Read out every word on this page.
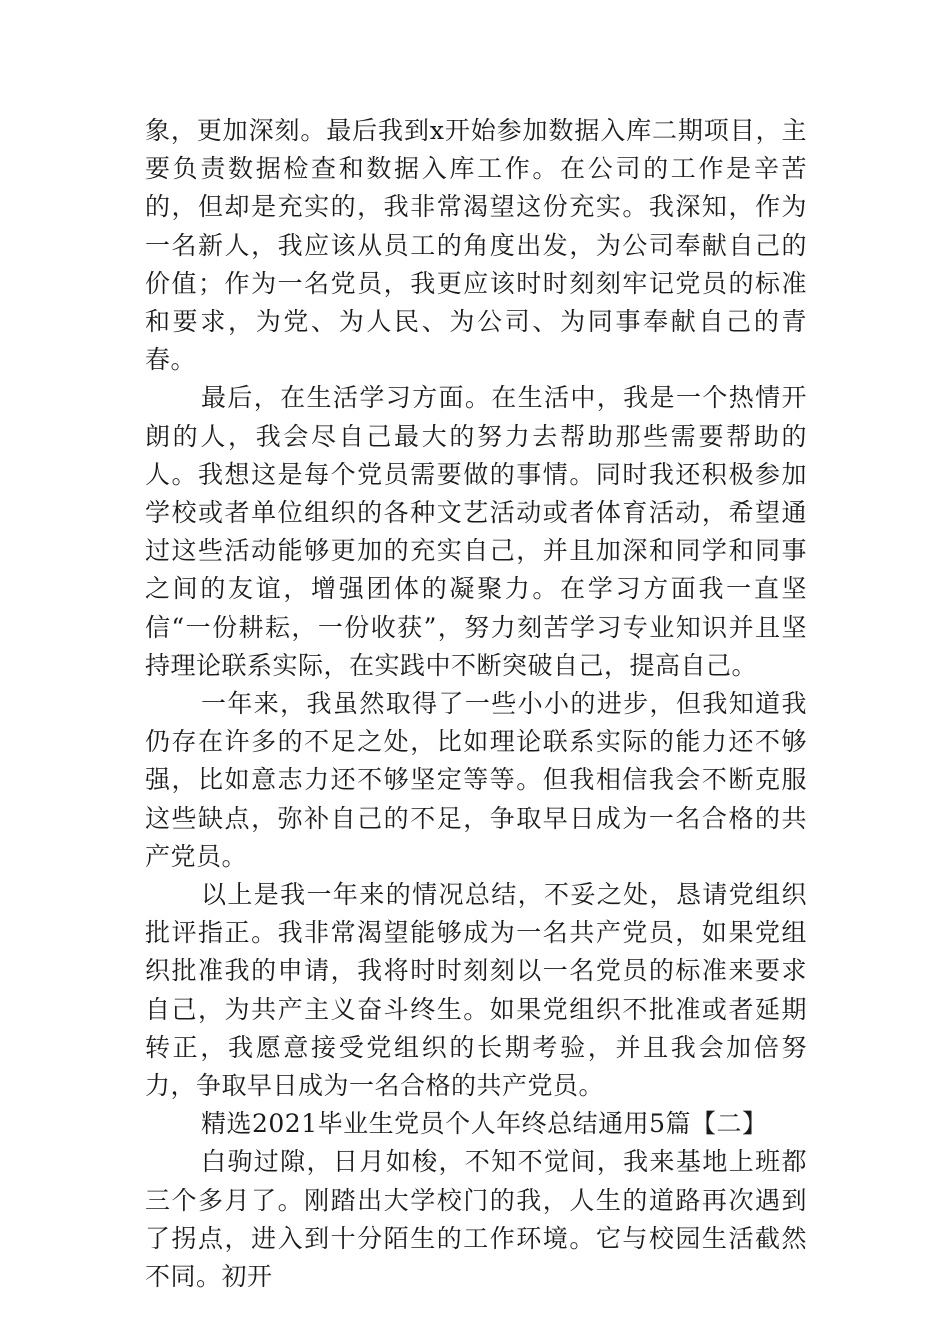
象，更加深刻。最后我到x开始参加数据入库二期项目，主要负责数据检查和数据入库工作。在公司的工作是辛苦的，但却是充实的，我非常渴望这份充实。我深知，作为一名新人，我应该从员工的角度出发，为公司奉献自己的价值；作为一名党员，我更应该时时刻刻牢记党员的标准和要求，为党、为人民、为公司、为同事奉献自己的青春。

最后，在生活学习方面。在生活中，我是一个热情开朗的人，我会尽自己最大的努力去帮助那些需要帮助的人。我想这是每个党员需要做的事情。同时我还积极参加学校或者单位组织的各种文艺活动或者体育活动，希望通过这些活动能够更加的充实自己，并且加深和同学和同事之间的友谊，增强团体的凝聚力。在学习方面我一直坚信“一份耕耘，一份收获”，努力刻苦学习专业知识并且坚持理论联系实际，在实践中不断突破自己，提高自己。

一年来，我虽然取得了一些小小的进步，但我知道我仍存在许多的不足之处，比如理论联系实际的能力还不够强，比如意志力还不够坚定等等。但我相信我会不断克服这些缺点，弥补自己的不足，争取早日成为一名合格的共产党员。

以上是我一年来的情况总结，不妥之处，恳请党组织批评指正。我非常渴望能够成为一名共产党员，如果党组织批准我的申请，我将时时刻刻以一名党员的标准来要求自己，为共产主义奋斗终生。如果党组织不批准或者延期转正，我愿意接受党组织的长期考验，并且我会加倍努力，争取早日成为一名合格的共产党员。

精选2021毕业生党员个人年终总结通用5篇【二】

白驹过隙，日月如梭，不知不觉间，我来基地上班都三个多月了。刚踏出大学校门的我，人生的道路再次遇到了拐点，进入到十分陌生的工作环境。它与校园生活截然不同。初开
